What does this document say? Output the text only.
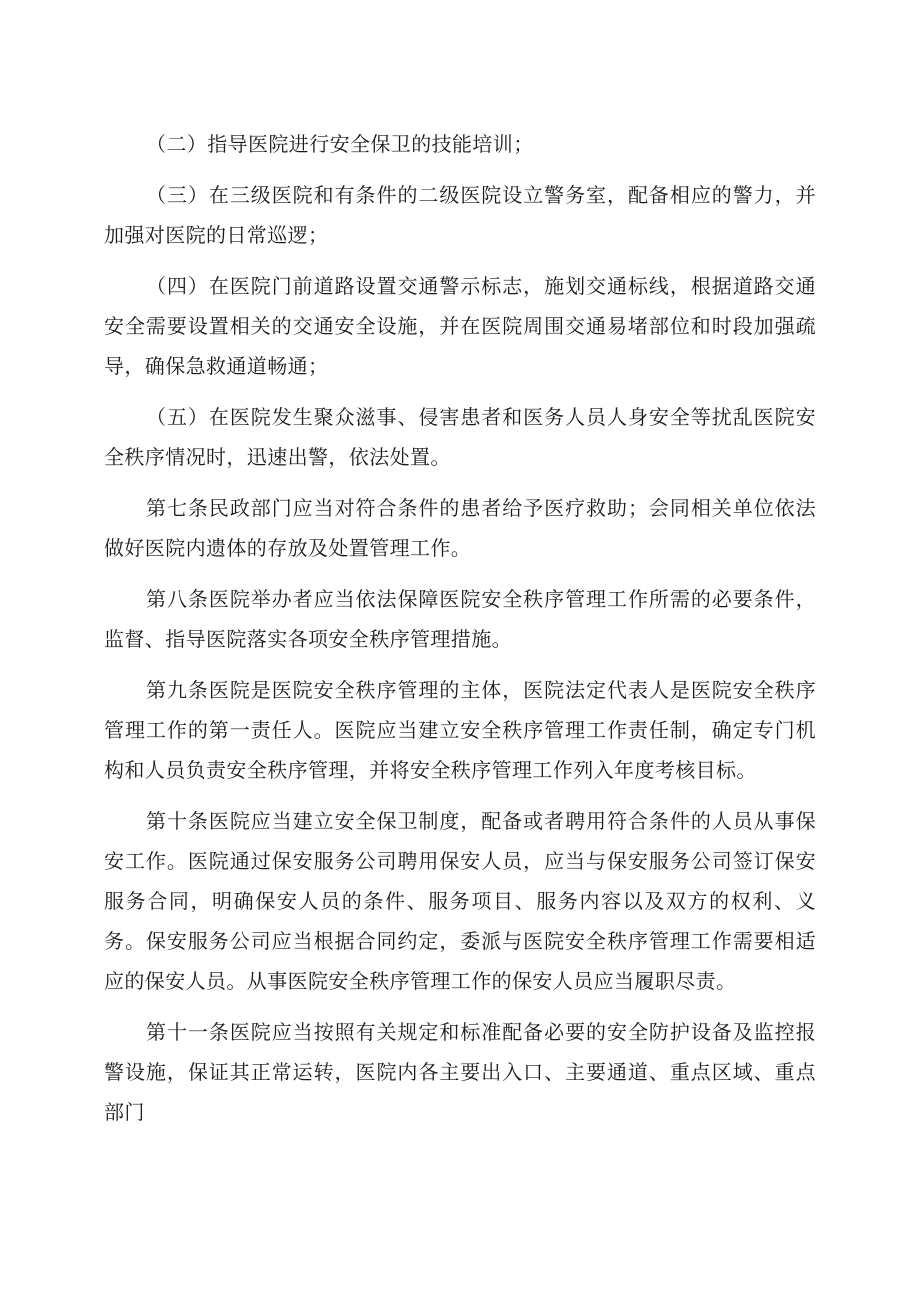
（二）指导医院进行安全保卫的技能培训；

（三）在三级医院和有条件的二级医院设立警务室，配备相应的警力，并加强对医院的日常巡逻；

（四）在医院门前道路设置交通警示标志，施划交通标线，根据道路交通安全需要设置相关的交通安全设施，并在医院周围交通易堵部位和时段加强疏导，确保急救通道畅通；

（五）在医院发生聚众滋事、侵害患者和医务人员人身安全等扰乱医院安全秩序情况时，迅速出警，依法处置。

第七条民政部门应当对符合条件的患者给予医疗救助；会同相关单位依法做好医院内遗体的存放及处置管理工作。

第八条医院举办者应当依法保障医院安全秩序管理工作所需的必要条件，监督、指导医院落实各项安全秩序管理措施。

第九条医院是医院安全秩序管理的主体，医院法定代表人是医院安全秩序管理工作的第一责任人。医院应当建立安全秩序管理工作责任制，确定专门机构和人员负责安全秩序管理，并将安全秩序管理工作列入年度考核目标。

第十条医院应当建立安全保卫制度，配备或者聘用符合条件的人员从事保安工作。医院通过保安服务公司聘用保安人员，应当与保安服务公司签订保安服务合同，明确保安人员的条件、服务项目、服务内容以及双方的权利、义务。保安服务公司应当根据合同约定，委派与医院安全秩序管理工作需要相适应的保安人员。从事医院安全秩序管理工作的保安人员应当履职尽责。

第十一条医院应当按照有关规定和标准配备必要的安全防护设备及监控报警设施，保证其正常运转，医院内各主要出入口、主要通道、重点区域、重点部门
